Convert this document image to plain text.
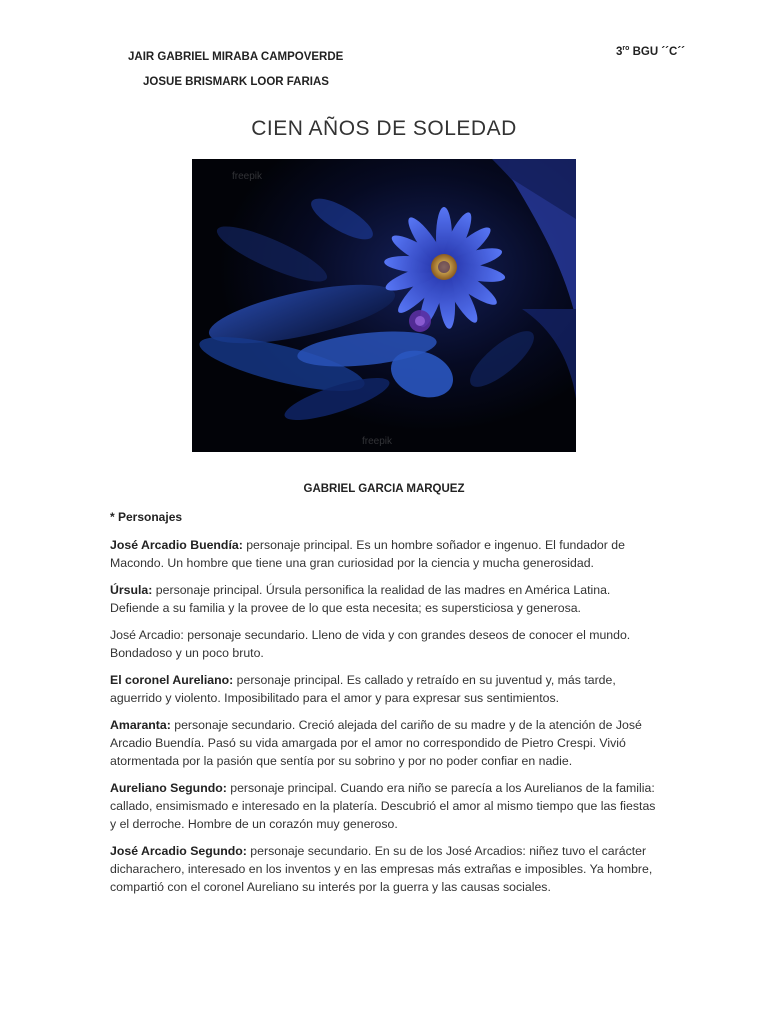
JAIR GABRIEL MIRABA CAMPOVERDE
JOSUE BRISMARK LOOR FARIAS
$3^{ro}$ BGU ´´C´´
CIEN AÑOS DE SOLEDAD
freepik
freepik
GABRIEL GARCIA MARQUEZ
* Personajes

José Arcadio Buendía: personaje principal. Es un hombre soñador e ingenuo. El fundador de Macondo. Un hombre que tiene una gran curiosidad por la ciencia y mucha generosidad.

Úrsula: personaje principal. Úrsula personifica la realidad de las madres en América Latina. Defiende a su familia y la provee de lo que esta necesita; es supersticiosa y generosa.

José Arcadio: personaje secundario. Lleno de vida y con grandes deseos de conocer el mundo. Bondadoso y un poco bruto.

El coronel Aureliano: personaje principal. Es callado y retraído en su juventud y, más tarde, aguerrido y violento. Imposibilitado para el amor y para expresar sus sentimientos.

Amaranta: personaje secundario. Creció alejada del cariño de su madre y de la atención de José Arcadio Buendía. Pasó su vida amargada por el amor no correspondido de Pietro Crespi. Vivió atormentada por la pasión que sentía por su sobrino y por no poder confiar en nadie.

Aureliano Segundo: personaje principal. Cuando era niño se parecía a los Aurelianos de la familia: callado, ensimismado e interesado en la platería. Descubrió el amor al mismo tiempo que las fiestas y el derroche. Hombre de un corazón muy generoso.

José Arcadio Segundo: personaje secundario. En su de los José Arcadios: niñez tuvo el carácter dicharachero, interesado en los inventos y en las empresas más extrañas e imposibles. Ya hombre, compartió con el coronel Aureliano su interés por la guerra y las causas sociales.
